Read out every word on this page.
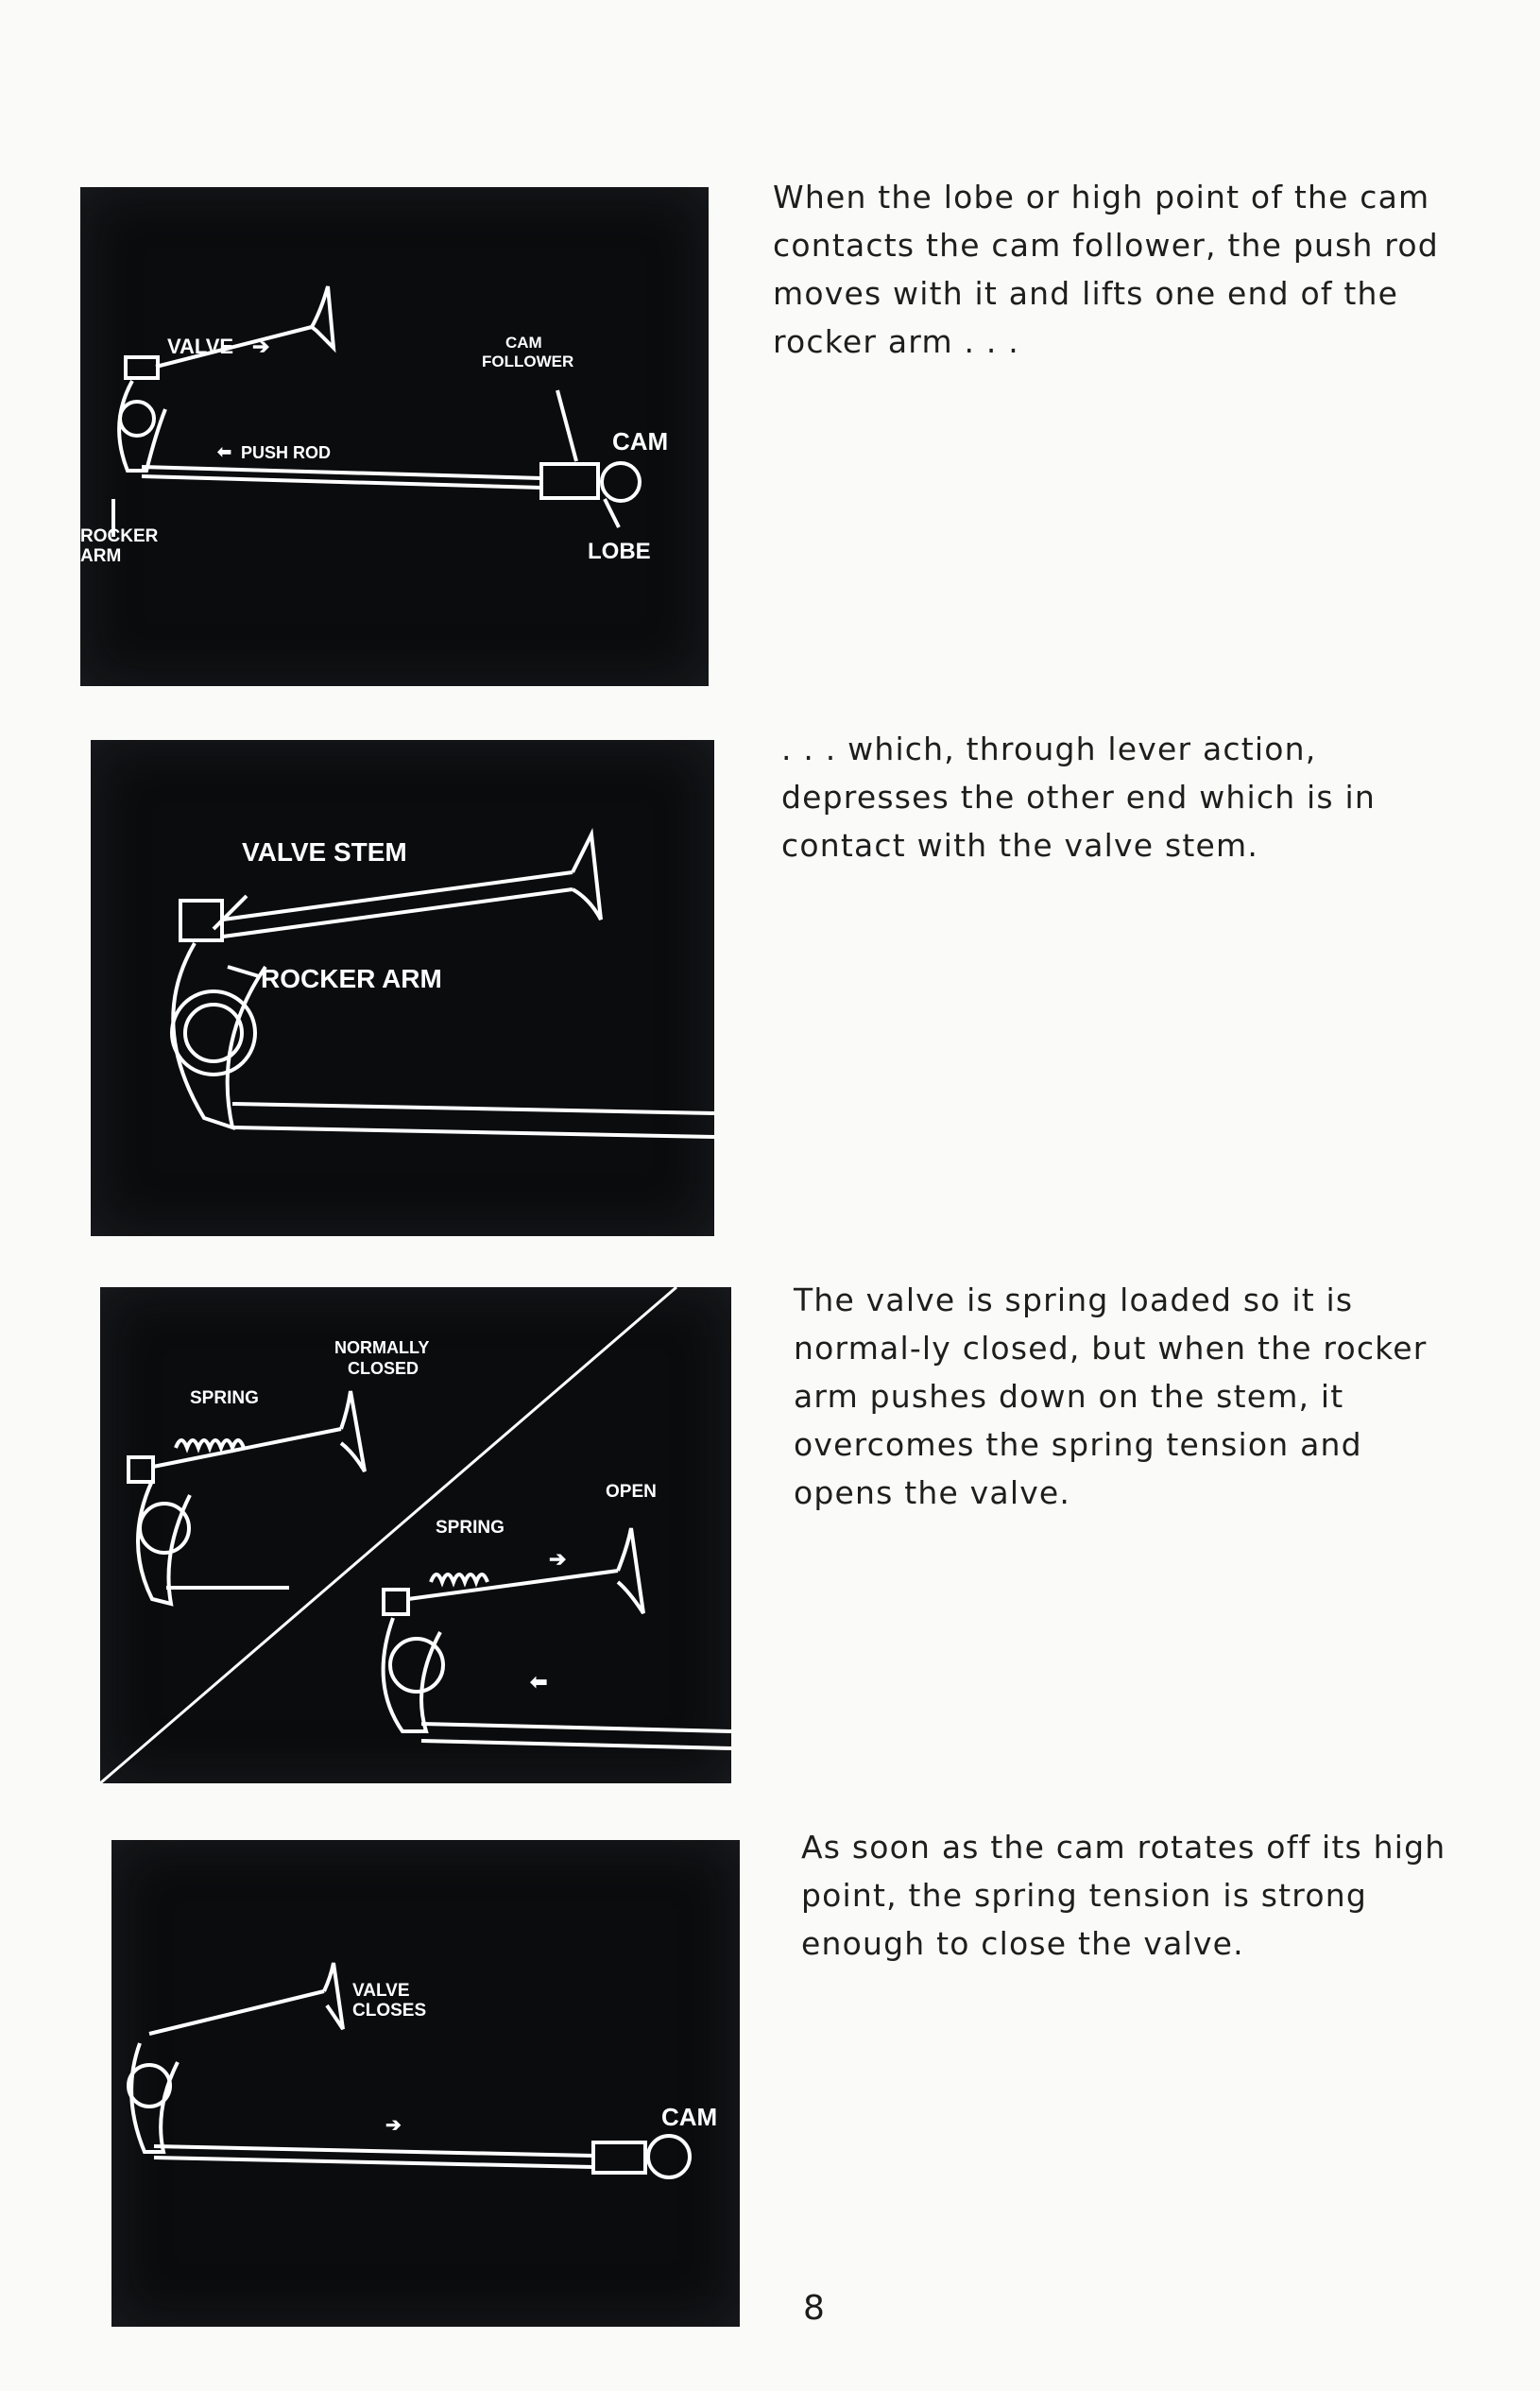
VALVE ➔	CAM
FOLLOWER
⬅ PUSH ROD	CAM
ROCKER
ARM	LOBE

When the lobe or high point of the cam contacts the cam follower, the push rod moves with it and lifts one end of the rocker arm . . .

VALVE STEM
ROCKER ARM

. . . which, through lever action, depresses the other end which is in contact with the valve stem.

NORMALLY
CLOSED
SPRING
➔
⬅
SPRING
OPEN

The valve is spring loaded so it is normal-ly closed, but when the rocker arm pushes down on the stem, it overcomes the spring tension and opens the valve.

➔
VALVE
CLOSES
CAM

As soon as the cam rotates off its high point, the spring tension is strong enough to close the valve.

8
